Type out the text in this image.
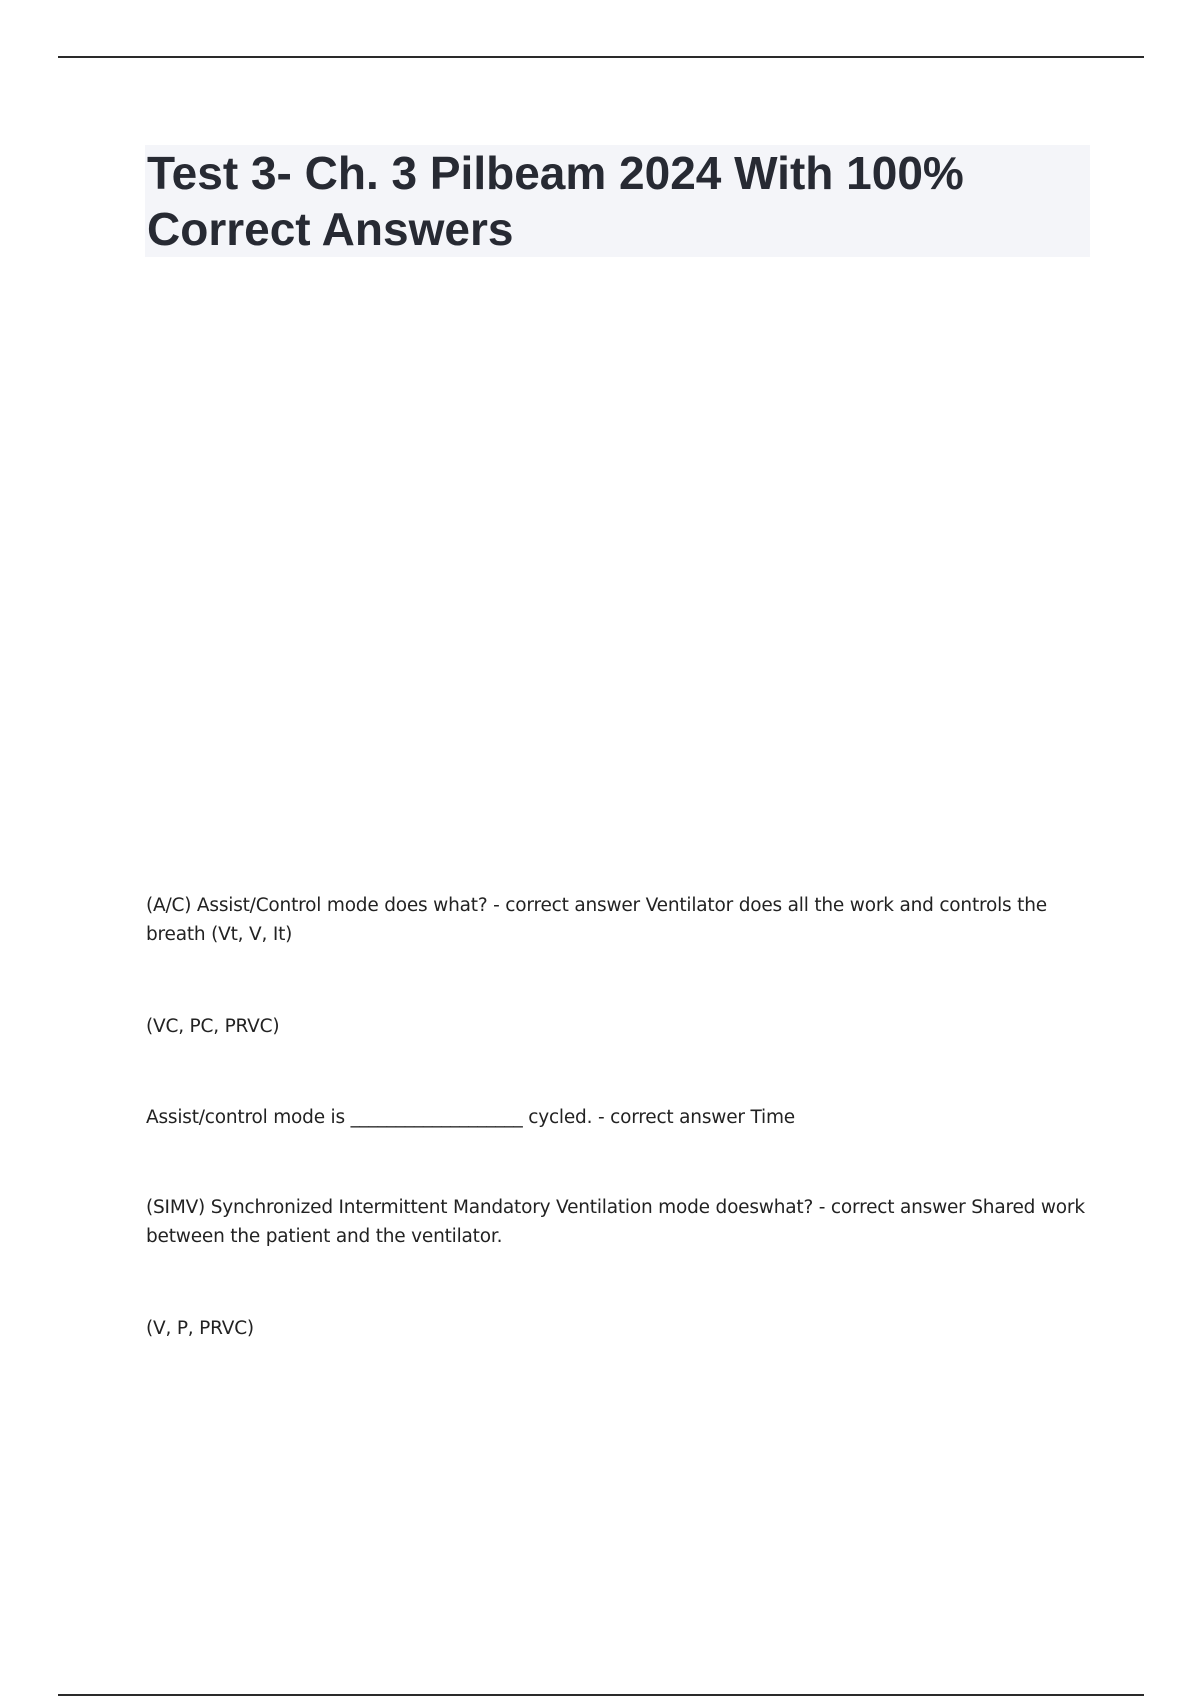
Test 3- Ch. 3 Pilbeam 2024 With 100% Correct Answers
(A/C) Assist/Control mode does what? - correct answer Ventilator does all the work and controls the breath (Vt, V, It)
(VC, PC, PRVC)
Assist/control mode is ___________________ cycled. - correct answer Time
(SIMV) Synchronized Intermittent Mandatory Ventilation mode doeswhat? - correct answer Shared work between the patient and the ventilator.
(V, P, PRVC)
